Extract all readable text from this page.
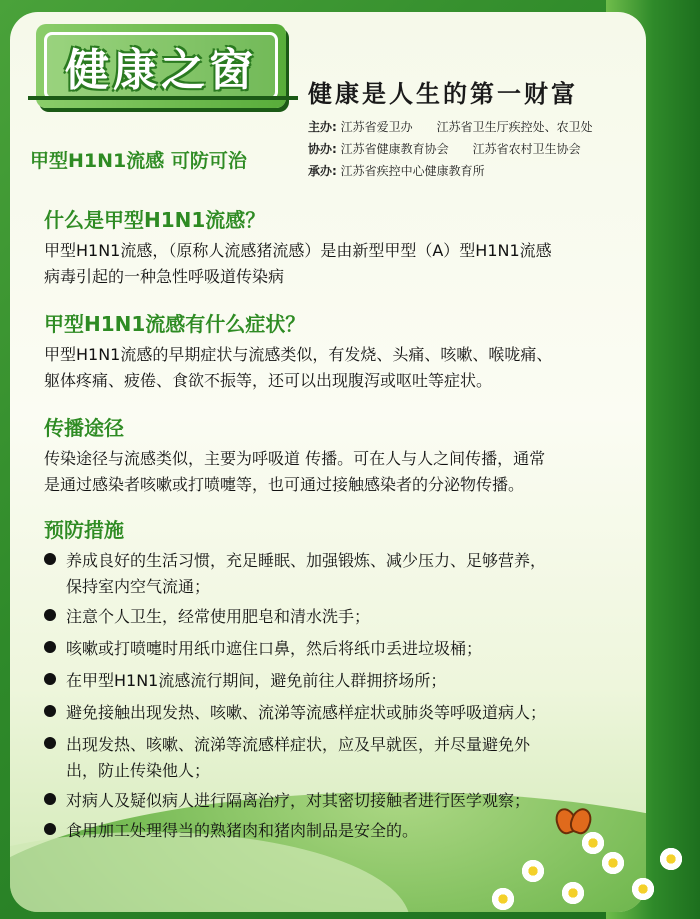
健康之窗	健康是人生的第一财富
主办: 江苏省爱卫办　　江苏省卫生厅疾控处、农卫处
协办: 江苏省健康教育协会　　江苏省农村卫生协会
承办: 江苏省疾控中心健康教育所
甲型H1N1流感 可防可治
什么是甲型H1N1流感？
甲型H1N1流感，（原称人流感猪流感）是由新型甲型（A）型H1N1流感
病毒引起的一种急性呼吸道传染病
甲型H1N1流感有什么症状？
甲型H1N1流感的早期症状与流感类似，有发烧、头痛、咳嗽、喉咙痛、
躯体疼痛、疲倦、食欲不振等，还可以出现腹泻或呕吐等症状。
传播途径
传染途径与流感类似，主要为呼吸道 传播。可在人与人之间传播，通常
是通过感染者咳嗽或打喷嚏等，也可通过接触感染者的分泌物传播。
预防措施
养成良好的生活习惯，充足睡眠、加强锻炼、减少压力、足够营养，
保持室内空气流通；
注意个人卫生，经常使用肥皂和清水洗手；
咳嗽或打喷嚏时用纸巾遮住口鼻，然后将纸巾丢进垃圾桶；
在甲型H1N1流感流行期间，避免前往人群拥挤场所；
避免接触出现发热、咳嗽、流涕等流感样症状或肺炎等呼吸道病人；
出现发热、咳嗽、流涕等流感样症状，应及早就医，并尽量避免外
出，防止传染他人；
对病人及疑似病人进行隔离治疗，对其密切接触者进行医学观察；
食用加工处理得当的熟猪肉和猪肉制品是安全的。
